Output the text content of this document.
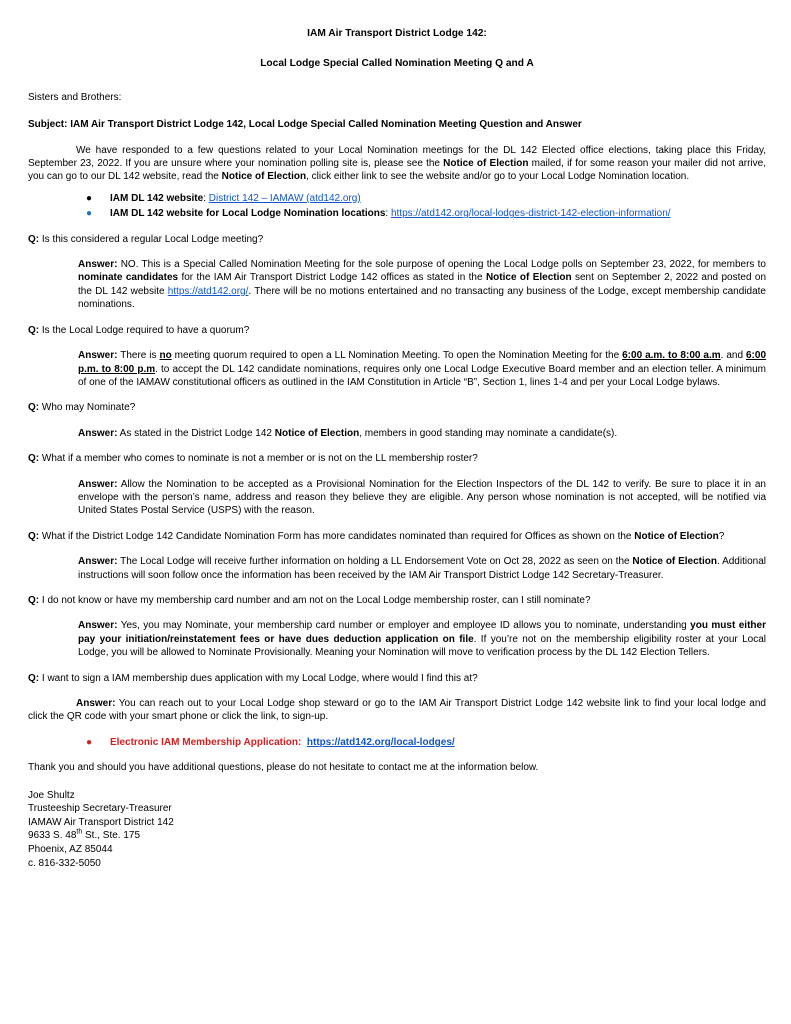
IAM Air Transport District Lodge 142:

Local Lodge Special Called Nomination Meeting Q and A

Sisters and Brothers:

Subject: IAM Air Transport District Lodge 142, Local Lodge Special Called Nomination Meeting Question and Answer

We have responded to a few questions related to your Local Nomination meetings for the DL 142 Elected office elections, taking place this Friday, September 23, 2022. If you are unsure where your nomination polling site is, please see the Notice of Election mailed, if for some reason your mailer did not arrive, you can go to our DL 142 website, read the Notice of Election, click either link to see the website and/or go to your Local Lodge Nomination location.

● IAM DL 142 website: District 142 – IAMAW (atd142.org)
● IAM DL 142 website for Local Lodge Nomination locations: https://atd142.org/local-lodges-district-142-election-information/

Q: Is this considered a regular Local Lodge meeting?

Answer: NO. This is a Special Called Nomination Meeting for the sole purpose of opening the Local Lodge polls on September 23, 2022, for members to nominate candidates for the IAM Air Transport District Lodge 142 offices as stated in the Notice of Election sent on September 2, 2022 and posted on the DL 142 website https://atd142.org/. There will be no motions entertained and no transacting any business of the Lodge, except membership candidate nominations.

Q: Is the Local Lodge required to have a quorum?

Answer: There is no meeting quorum required to open a LL Nomination Meeting. To open the Nomination Meeting for the 6:00 a.m. to 8:00 a.m. and 6:00 p.m. to 8:00 p.m. to accept the DL 142 candidate nominations, requires only one Local Lodge Executive Board member and an election teller. A minimum of one of the IAMAW constitutional officers as outlined in the IAM Constitution in Article “B”, Section 1, lines 1-4 and per your Local Lodge bylaws.

Q: Who may Nominate?

Answer: As stated in the District Lodge 142 Notice of Election, members in good standing may nominate a candidate(s).

Q: What if a member who comes to nominate is not a member or is not on the LL membership roster?

Answer: Allow the Nomination to be accepted as a Provisional Nomination for the Election Inspectors of the DL 142 to verify. Be sure to place it in an envelope with the person’s name, address and reason they believe they are eligible. Any person whose nomination is not accepted, will be notified via United States Postal Service (USPS) with the reason.

Q: What if the District Lodge 142 Candidate Nomination Form has more candidates nominated than required for Offices as shown on the Notice of Election?

Answer: The Local Lodge will receive further information on holding a LL Endorsement Vote on Oct 28, 2022 as seen on the Notice of Election. Additional instructions will soon follow once the information has been received by the IAM Air Transport District Lodge 142 Secretary-Treasurer.

Q: I do not know or have my membership card number and am not on the Local Lodge membership roster, can I still nominate?

Answer: Yes, you may Nominate, your membership card number or employer and employee ID allows you to nominate, understanding you must either pay your initiation/reinstatement fees or have dues deduction application on file. If you’re not on the membership eligibility roster at your Local Lodge, you will be allowed to Nominate Provisionally. Meaning your Nomination will move to verification process by the DL 142 Election Tellers.

Q: I want to sign a IAM membership dues application with my Local Lodge, where would I find this at?

Answer: You can reach out to your Local Lodge shop steward or go to the IAM Air Transport District Lodge 142 website link to find your local lodge and click the QR code with your smart phone or click the link, to sign-up.

● Electronic IAM Membership Application: https://atd142.org/local-lodges/

Thank you and should you have additional questions, please do not hesitate to contact me at the information below.

Joe Shultz
Trusteeship Secretary-Treasurer
IAMAW Air Transport District 142
9633 S. 48th St., Ste. 175
Phoenix, AZ 85044
c. 816-332-5050
